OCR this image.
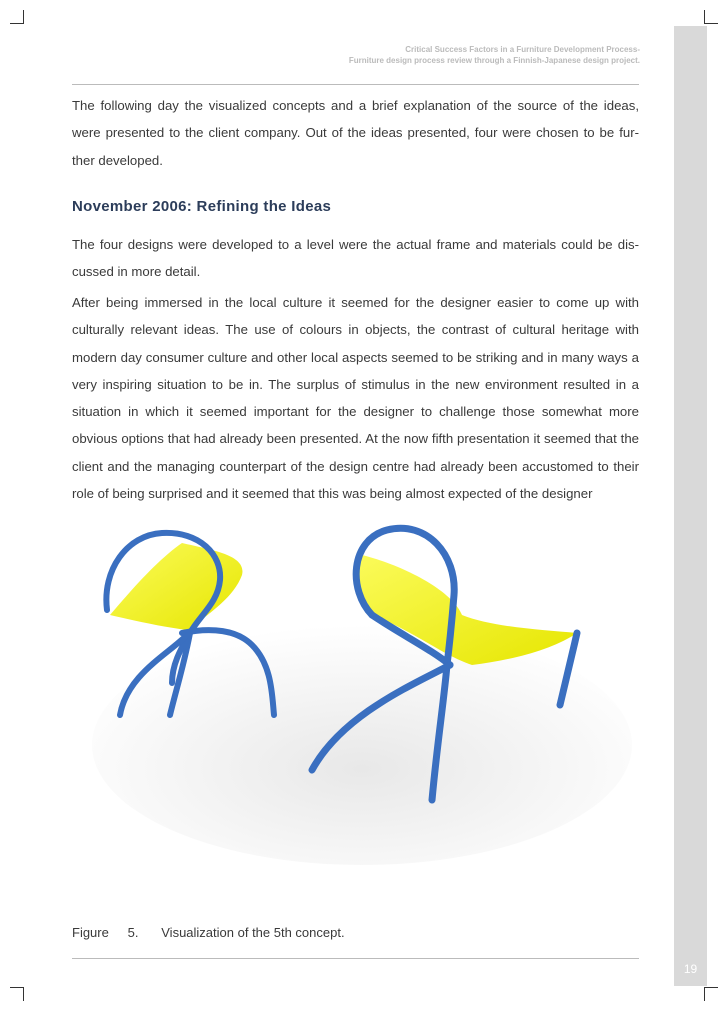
19
Critical Success Factors in a Furniture Development Process-
Furniture design process review through a Finnish-Japanese design project.

The following day the visualized concepts and a brief explanation of the source of the ideas, were presented to the client company. Out of the ideas presented, four were chosen to be fur-ther developed.

November 2006: Refining the Ideas

The four designs were developed to a level were the actual frame and materials could be dis-cussed in more detail.

After being immersed in the local culture it seemed for the designer easier to come up with culturally relevant ideas. The use of colours in objects, the contrast of cultural heritage with modern day consumer culture and other local aspects seemed to be striking and in many ways a very inspiring situation to be in. The surplus of stimulus in the new environment resulted in a situation in which it seemed important for the designer to challenge those somewhat more obvious options that had already been presented. At the now fifth presentation it seemed that the client and the managing counterpart of the design centre had already been accustomed to their role of being surprised and it seemed that this was being almost expected of the designer

Figure 5. Visualization of the 5th concept.
